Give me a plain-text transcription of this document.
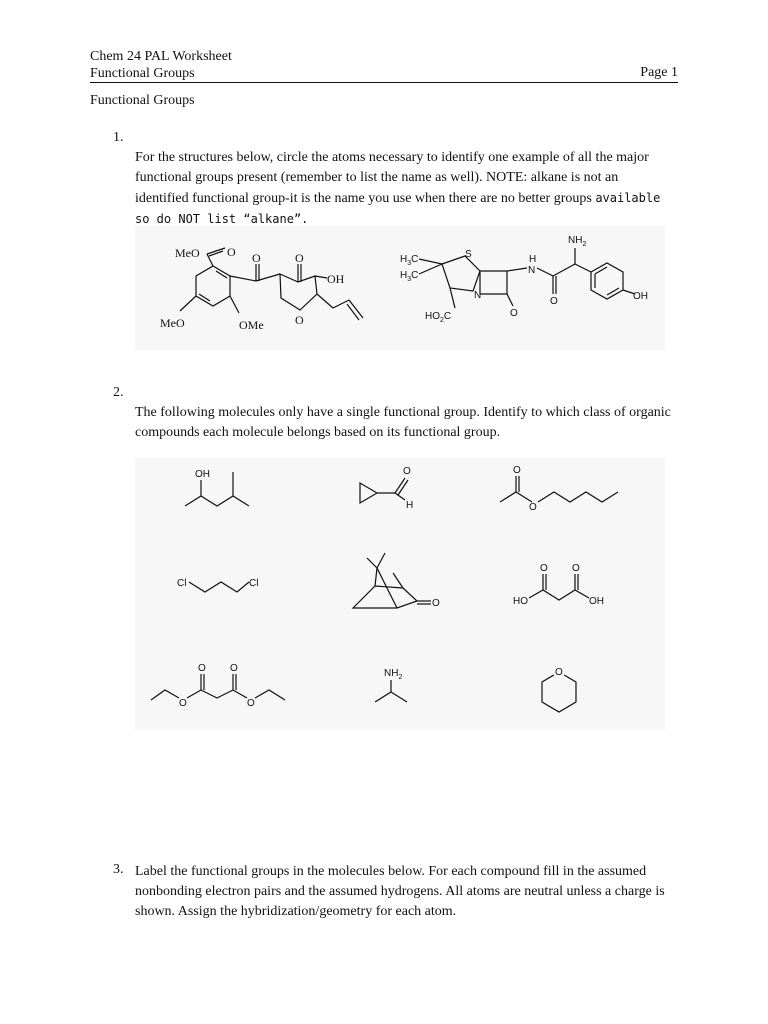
Chem 24 PAL Worksheet
Functional Groups	Page 1
Functional Groups
1.
For the structures below, circle the atoms necessary to identify one example of all the major functional groups present (remember to list the name as well). NOTE: alkane is not an identified functional group-it is the name you use when there are no better groups available so do NOT list “alkane”.
MeO O
MeO	OMe
O	O
OH
O
$H_3C$
$H_3C$
S
N
O
$HO_2C$
H
N
O
$NH_2$
OH
2.
The following molecules only have a single functional group. Identify to which class of organic compounds each molecule belongs based on its functional group.
OH	O
H
O
O
Cl	Cl
O	HO
O O
OH
O
O O
O
$NH_2$	O
3. Label the functional groups in the molecules below. For each compound fill in the assumed nonbonding electron pairs and the assumed hydrogens. All atoms are neutral unless a charge is shown. Assign the hybridization/geometry for each atom.
